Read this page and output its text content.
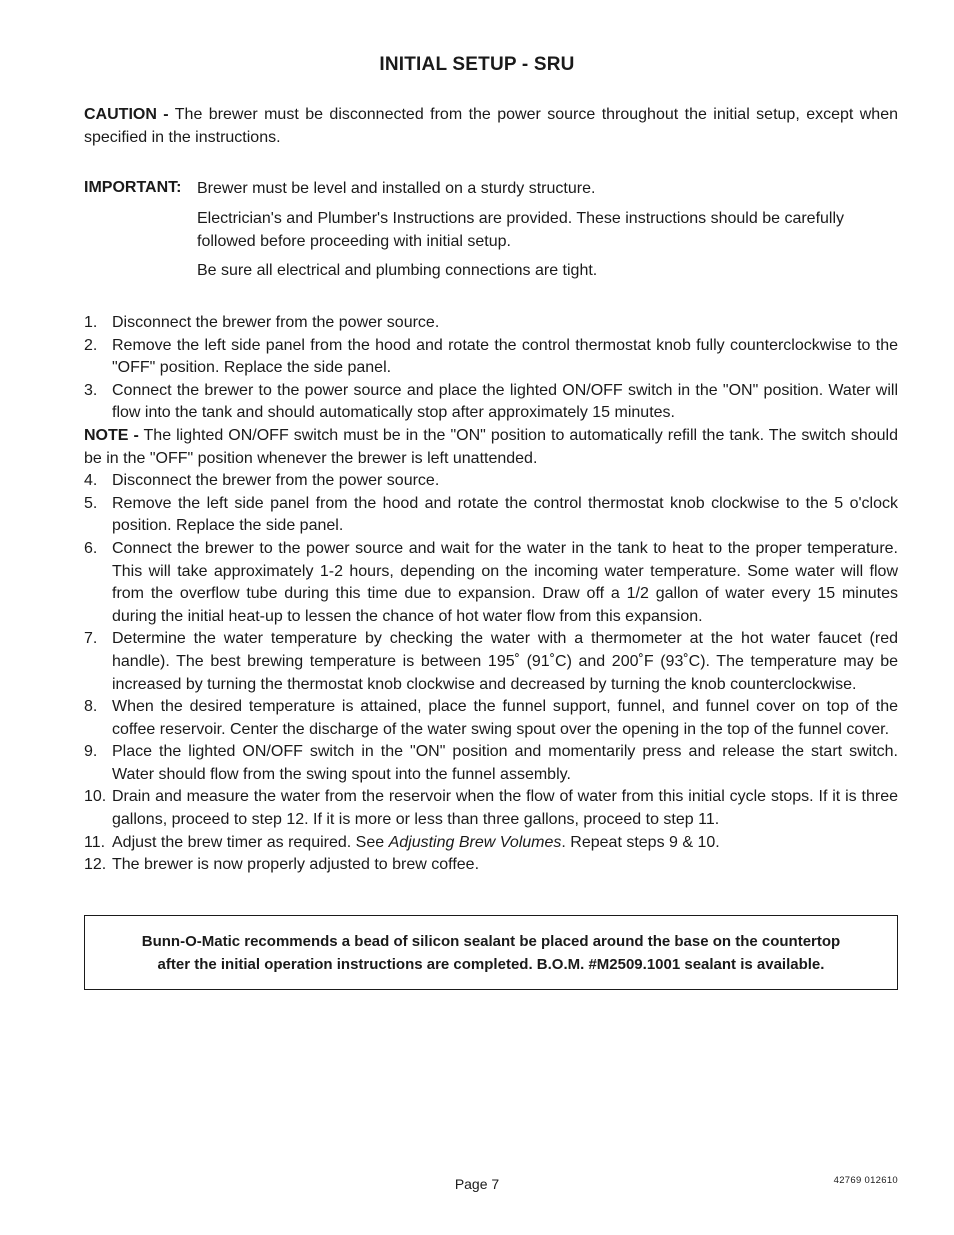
INITIAL SETUP - SRU
CAUTION - The brewer must be disconnected from the power source throughout the initial setup, except when specified in the instructions.
IMPORTANT: Brewer must be level and installed on a sturdy structure.
Electrician's and Plumber's Instructions are provided. These instructions should be carefully followed before proceeding with initial setup.
Be sure all electrical and plumbing connections are tight.
1. Disconnect the brewer from the power source.
2. Remove the left side panel from the hood and rotate the control thermostat knob fully counterclockwise to the "OFF" position. Replace the side panel.
3. Connect the brewer to the power source and place the lighted ON/OFF switch in the "ON" position. Water will flow into the tank and should automatically stop after approximately 15 minutes.
NOTE - The lighted ON/OFF switch must be in the "ON" position to automatically refill the tank. The switch should be in the "OFF" position whenever the brewer is left unattended.
4. Disconnect the brewer from the power source.
5. Remove the left side panel from the hood and rotate the control thermostat knob clockwise to the 5 o'clock position. Replace the side panel.
6. Connect the brewer to the power source and wait for the water in the tank to heat to the proper temperature. This will take approximately 1-2 hours, depending on the incoming water temperature. Some water will flow from the overflow tube during this time due to expansion. Draw off a 1/2 gallon of water every 15 minutes during the initial heat-up to lessen the chance of hot water flow from this expansion.
7. Determine the water temperature by checking the water with a thermometer at the hot water faucet (red handle). The best brewing temperature is between 195˚ (91˚C) and 200˚F (93˚C). The temperature may be increased by turning the thermostat knob clockwise and decreased by turning the knob counterclockwise.
8. When the desired temperature is attained, place the funnel support, funnel, and funnel cover on top of the coffee reservoir. Center the discharge of the water swing spout over the opening in the top of the funnel cover.
9. Place the lighted ON/OFF switch in the "ON" position and momentarily press and release the start switch. Water should flow from the swing spout into the funnel assembly.
10. Drain and measure the water from the reservoir when the flow of water from this initial cycle stops. If it is three gallons, proceed to step 12. If it is more or less than three gallons, proceed to step 11.
11. Adjust the brew timer as required. See Adjusting Brew Volumes. Repeat steps 9 & 10.
12. The brewer is now properly adjusted to brew coffee.
Bunn-O-Matic recommends a bead of silicon sealant be placed around the base on the countertop
after the initial operation instructions are completed. B.O.M. #M2509.1001 sealant is available.
Page 7	42769 012610
